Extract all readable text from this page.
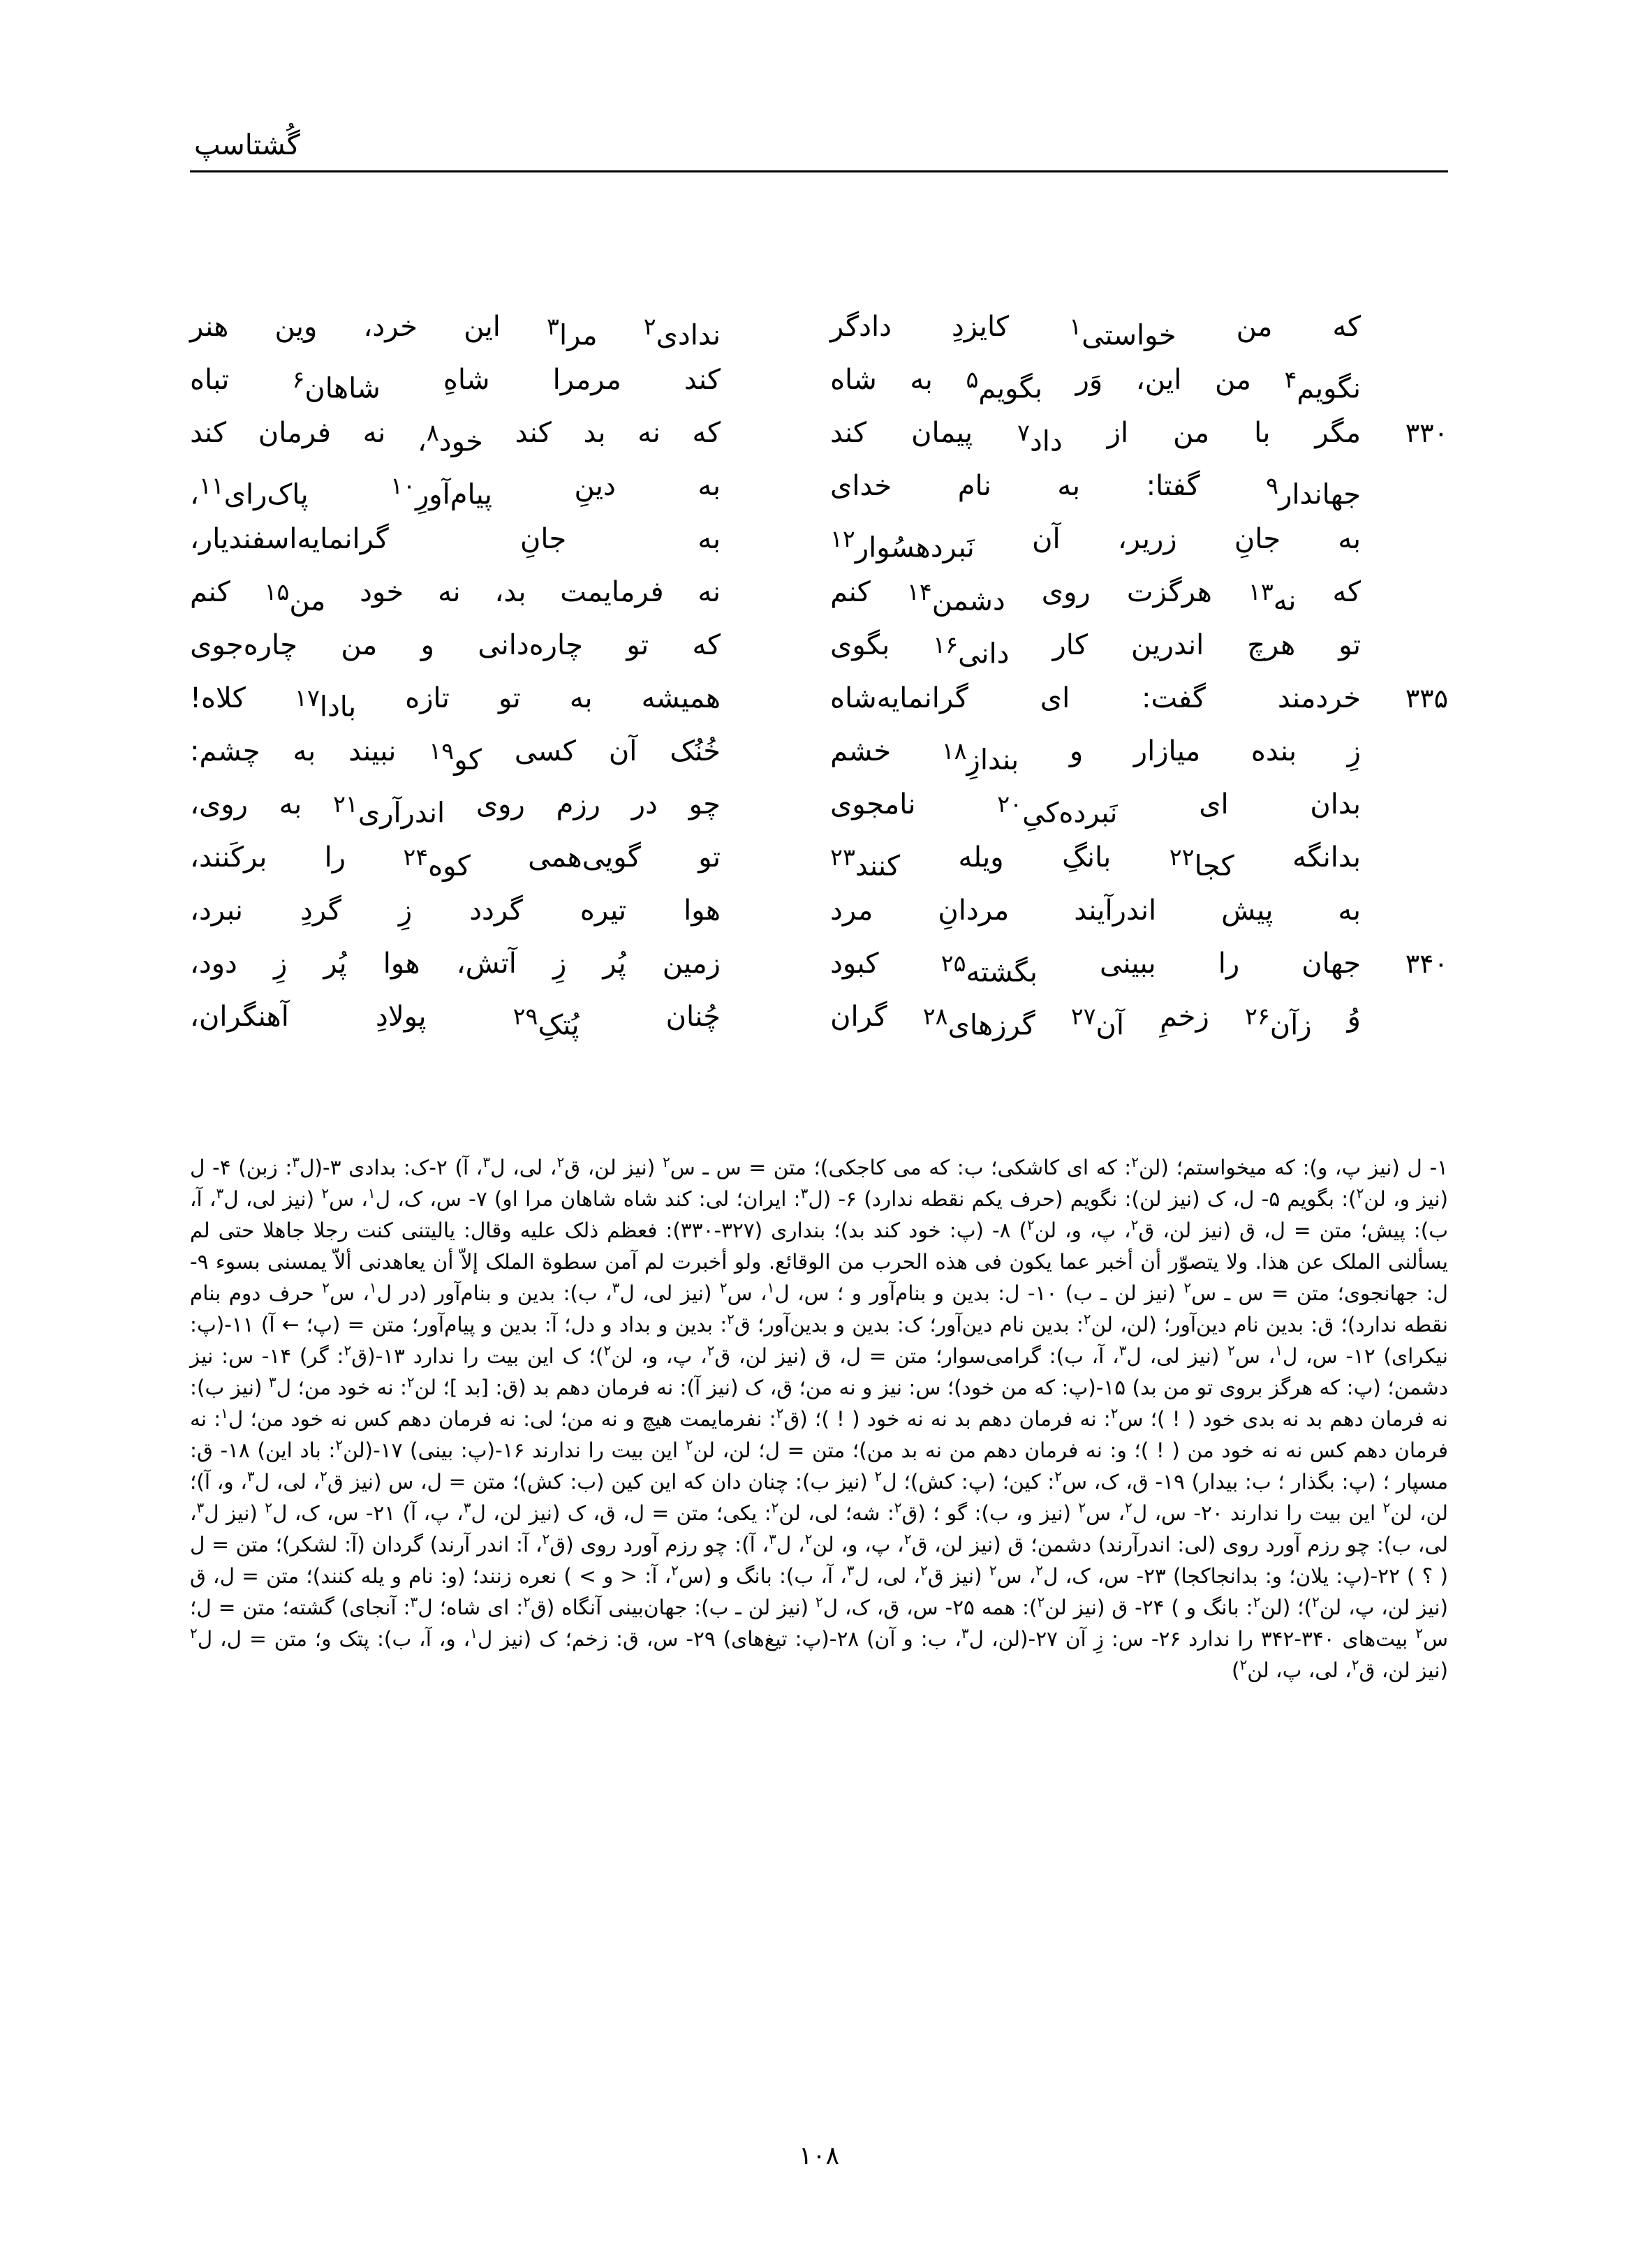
گُشتاسپ
که
من
خواستی$^۱$
کایزدِ
دادگر
ندادی$^۲$
مرا$^۳$
این
خرد،
وین
هنر
نگویم$^۴$
من
این،
وَر
بگویم$^۵$
به
شاه
کند
مرمرا
شاهِ
شاهان$^۶$
تباه
۳۳۰
مگر
با
من
از
داد$^۷$
پیمان
کند
که
نه
بد
کند
خود$^۸$،
نه
فرمان
کند
جهاندار$^۹$
گفتا:
به
نام
خدای
به
دینِ
پیام‌آورِ$^{۱۰}$
پاک‌رای$^{۱۱}$،
به
جانِ
زریر،
آن
نَبردهسُوار$^{۱۲}$
به
جانِ
گرانمایه‌اسفندیار،
که
نه$^{۱۳}$
هرگزت
روی
دشمن$^{۱۴}$
کنم
نه
فرمایمت
بد،
نه
خود
من$^{۱۵}$
کنم
تو
هرچ
اندرین
کار
دانی$^{۱۶}$
بگوی
که
تو
چاره‌دانی
و
من
چاره‌جوی
۳۳۵
خردمند
گفت:
ای
گرانمایه‌شاه
همیشه
به
تو
تازه
بادا$^{۱۷}$
کلاه!
زِ
بنده
میازار
و
بندازِ$^{۱۸}$
خشم
خُنُک
آن
کسی
کو$^{۱۹}$
نبیند
به
چشم:
بدان
ای
نَبرده‌کیِ$^{۲۰}$
نامجوی
چو
در
رزم
روی
اندرآری$^{۲۱}$
به
روی،
بدانگه
کجا$^{۲۲}$
بانگِ
ویله
کنند$^{۲۳}$
تو
گویی‌همی
کوه$^{۲۴}$
را
برکَنند،
به
پیش
اندرآیند
مردانِ
مرد
هوا
تیره
گردد
زِ
گردِ
نبرد،
۳۴۰
جهان
را
ببینی
بگشته$^{۲۵}$
کبود
زمین
پُر
زِ
آتش،
هوا
پُر
زِ
دود،
وُ
زآن$^{۲۶}$
زخمِ
آن$^{۲۷}$
گرزهای$^{۲۸}$
گران
چُنان
پُتکِ$^{۲۹}$
پولادِ
آهنگران،

۱- ل (نیز پ، و): که میخواستم؛ (لن$^۲$: که ای کاشکی؛ ب: که می کاجکی)؛ متن = س ـ س$^۲$ (نیز لن، ق$^۲$، لی، ل$^۳$، آ) ۲-ک: بدادی ۳-(ل$^۳$: زبن) ۴- ل (نیز و، لن$^۲$): بگویم ۵- ل، ک (نیز لن): نگویم (حرف یکم نقطه ندارد) ۶- (ل$^۳$: ایران؛ لی: کند شاه شاهان مرا او) ۷- س، ک، ل$^۱$، س$^۲$ (نیز لی، ل$^۳$، آ، ب): پیش؛ متن = ل، ق (نیز لن، ق$^۲$، پ، و، لن$^۲$) ۸- (پ: خود کند بد)؛ بنداری (۳۲۷-۳۳۰): فعظم ذلک علیه وقال: یالیتنی کنت رجلا جاهلا حتی لم یسألنی الملک عن هذا. ولا یتصوّر أن أخبر عما یکون فی هذه الحرب من الوقائع. ولو أخبرت لم آمن سطوة الملک إلاّ أن یعاهدنی ألاّ یمسنی بسوء ۹- ل: جهانجوی؛ متن = س ـ س$^۲$ (نیز لن ـ ب) ۱۰- ل: بدین و بنام‌آور و ؛ س، ل$^۱$، س$^۲$ (نیز لی، ل$^۳$، ب): بدین و بنام‌آور (در ل$^۱$، س$^۲$ حرف دوم بنام نقطه ندارد)؛ ق: بدین نام دین‌آور؛ (لن، لن$^۲$: بدین نام دین‌آور؛ ک: بدین و بدین‌آور؛ ق$^۲$: بدین و بداد و دل؛ آ: بدین و پیام‌آور؛ متن = (پ؛ ← آ) ۱۱-(پ: نیکرای) ۱۲- س، ل$^۱$، س$^۲$ (نیز لی، ل$^۳$، آ، ب): گرامی‌سوار؛ متن = ل، ق (نیز لن، ق$^۲$، پ، و، لن$^۲$)؛ ک این بیت را ندارد ۱۳-(ق$^۲$: گر) ۱۴- س: نیز دشمن؛ (پ: که هرگز بروی تو من بد) ۱۵-(پ: که من خود)؛ س: نیز و نه من؛ ق، ک (نیز آ): نه فرمان دهم بد (ق: [بد ]؛ لن$^۲$: نه خود من؛ ل$^۳$ (نیز ب): نه فرمان دهم بد نه بدی خود ( ! )؛ س$^۲$: نه فرمان دهم بد نه نه خود ( ! )؛ (ق$^۲$: نفرمایمت هیچ و نه من؛ لی: نه فرمان دهم کس نه خود من؛ ل$^۱$: نه فرمان دهم کس نه نه خود من ( ! )؛ و: نه فرمان دهم من نه بد من)؛ متن = ل؛ لن، لن$^۲$ این بیت را ندارند ۱۶-(پ: بینی) ۱۷-(لن$^۲$: باد این) ۱۸- ق: مسپار ؛ (پ: بگذار ؛ ب: بیدار) ۱۹- ق، ک، س$^۲$: کین؛ (پ: کش)؛ ل$^۲$ (نیز ب): چنان دان که این کین (ب: کش)؛ متن = ل، س (نیز ق$^۲$، لی، ل$^۳$، و، آ)؛ لن، لن$^۲$ این بیت را ندارند ۲۰- س، ل$^۲$، س$^۲$ (نیز و، ب): گو ؛ (ق$^۲$: شه؛ لی، لن$^۲$: یکی؛ متن = ل، ق، ک (نیز لن، ل$^۳$، پ، آ) ۲۱- س، ک، ل$^۲$ (نیز ل$^۳$، لی، ب): چو رزم آورد روی (لی: اندرآرند) دشمن؛ ق (نیز لن، ق$^۲$، پ، و، لن$^۲$، ل$^۳$، آ): چو رزم آورد روی (ق$^۲$، آ: اندر آرند) گردان (آ: لشکر)؛ متن = ل ( ؟ ) ۲۲-(پ: یلان؛ و: بدانجاکجا) ۲۳- س، ک، ل$^۲$، س$^۲$ (نیز ق$^۲$، لی، ل$^۳$، آ، ب): بانگ و (س$^۲$، آ: < و > ) نعره زنند؛ (و: نام و یله کنند)؛ متن = ل، ق (نیز لن، پ، لن$^۲$)؛ (لن$^۲$: بانگ و ) ۲۴- ق (نیز لن$^۲$): همه ۲۵- س، ق، ک، ل$^۲$ (نیز لن ـ ب): جهان‌بینی آنگاه (ق$^۲$: ای شاه؛ ل$^۳$: آنجای) گشته؛ متن = ل؛ س$^۲$ بیت‌های ۳۴۰-۳۴۲ را ندارد ۲۶- س: زِ آن ۲۷-(لن، ل$^۳$، ب: و آن) ۲۸-(پ: تیغ‌های) ۲۹- س، ق: زخم؛ ک (نیز ل$^۱$، و، آ، ب): پتک و؛ متن = ل، ل$^۲$ (نیز لن، ق$^۲$، لی، پ، لن$^۲$)

۱۰۸
